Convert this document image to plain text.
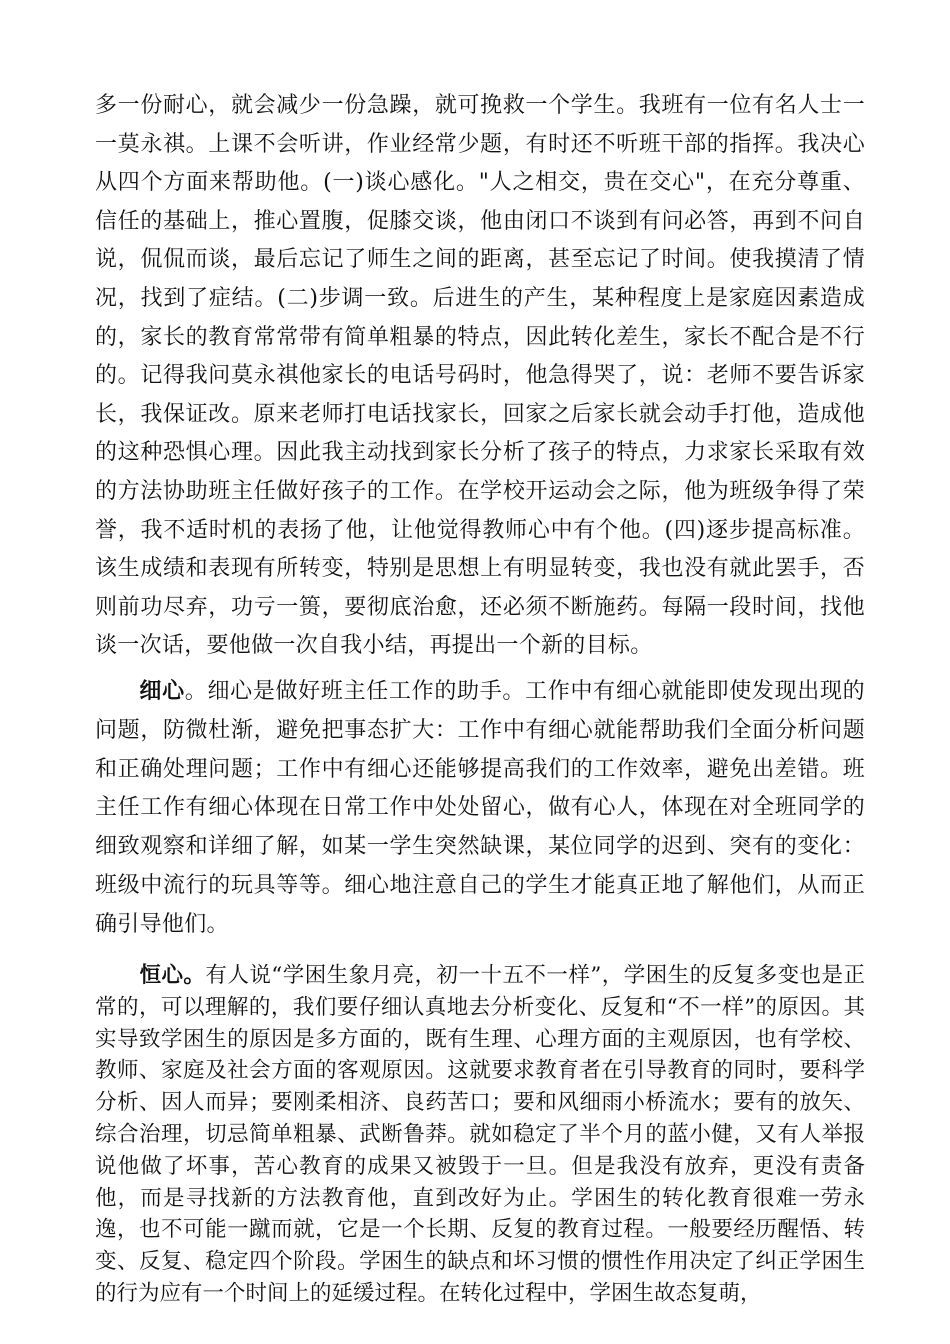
多一份耐心，就会减少一份急躁，就可挽救一个学生。我班有一位有名人士一一莫永祺。上课不会听讲，作业经常少题，有时还不听班干部的指挥。我决心从四个方面来帮助他。(一)谈心感化。"人之相交，贵在交心"，在充分尊重、信任的基础上，推心置腹，促膝交谈，他由闭口不谈到有问必答，再到不问自说，侃侃而谈，最后忘记了师生之间的距离，甚至忘记了时间。使我摸清了情况，找到了症结。(二)步调一致。后进生的产生，某种程度上是家庭因素造成的，家长的教育常常带有简单粗暴的特点，因此转化差生，家长不配合是不行的。记得我问莫永祺他家长的电话号码时，他急得哭了，说：老师不要告诉家长，我保证改。原来老师打电话找家长，回家之后家长就会动手打他，造成他的这种恐惧心理。因此我主动找到家长分析了孩子的特点，力求家长采取有效的方法协助班主任做好孩子的工作。在学校开运动会之际，他为班级争得了荣誉，我不适时机的表扬了他，让他觉得教师心中有个他。(四)逐步提高标准。该生成绩和表现有所转变，特别是思想上有明显转变，我也没有就此罢手，否则前功尽弃，功亏一篑，要彻底治愈，还必须不断施药。每隔一段时间，找他谈一次话，要他做一次自我小结，再提出一个新的目标。

细心。细心是做好班主任工作的助手。工作中有细心就能即使发现出现的问题，防微杜渐，避免把事态扩大：工作中有细心就能帮助我们全面分析问题和正确处理问题；工作中有细心还能够提高我们的工作效率，避免出差错。班主任工作有细心体现在日常工作中处处留心，做有心人，体现在对全班同学的细致观察和详细了解，如某一学生突然缺课，某位同学的迟到、突有的变化：班级中流行的玩具等等。细心地注意自己的学生才能真正地了解他们，从而正确引导他们。

恒心。有人说“学困生象月亮，初一十五不一样”，学困生的反复多变也是正常的，可以理解的，我们要仔细认真地去分析变化、反复和“不一样”的原因。其实导致学困生的原因是多方面的，既有生理、心理方面的主观原因，也有学校、教师、家庭及社会方面的客观原因。这就要求教育者在引导教育的同时，要科学分析、因人而异；要刚柔相济、良药苦口；要和风细雨小桥流水；要有的放矢、综合治理，切忌简单粗暴、武断鲁莽。就如稳定了半个月的蓝小健，又有人举报说他做了坏事，苦心教育的成果又被毁于一旦。但是我没有放弃，更没有责备他，而是寻找新的方法教育他，直到改好为止。学困生的转化教育很难一劳永逸，也不可能一蹴而就，它是一个长期、反复的教育过程。一般要经历醒悟、转变、反复、稳定四个阶段。学困生的缺点和坏习惯的惯性作用决定了纠正学困生的行为应有一个时间上的延缓过程。在转化过程中，学困生故态复萌，
